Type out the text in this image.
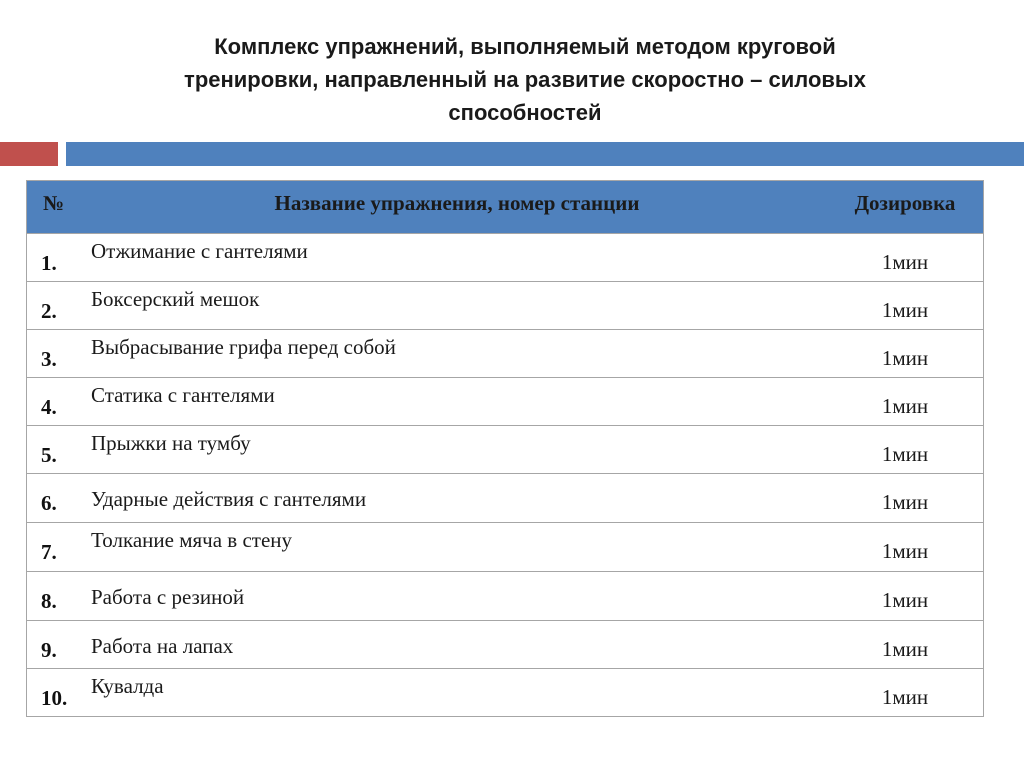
Комплекс упражнений, выполняемый методом круговой
тренировки, направленный на развитие скоростно – силовых
способностей
№	Название упражнения, номер станции	Дозировка
1.	Отжимание с гантелями	1мин
2.	Боксерский мешок	1мин
3.	Выбрасывание грифа перед собой	1мин
4.	Статика с гантелями	1мин
5.	Прыжки на тумбу	1мин
6.	Ударные действия с гантелями	1мин
7.	Толкание мяча в стену	1мин
8.	Работа с резиной	1мин
9.	Работа на лапах	1мин
10.	Кувалда	1мин
